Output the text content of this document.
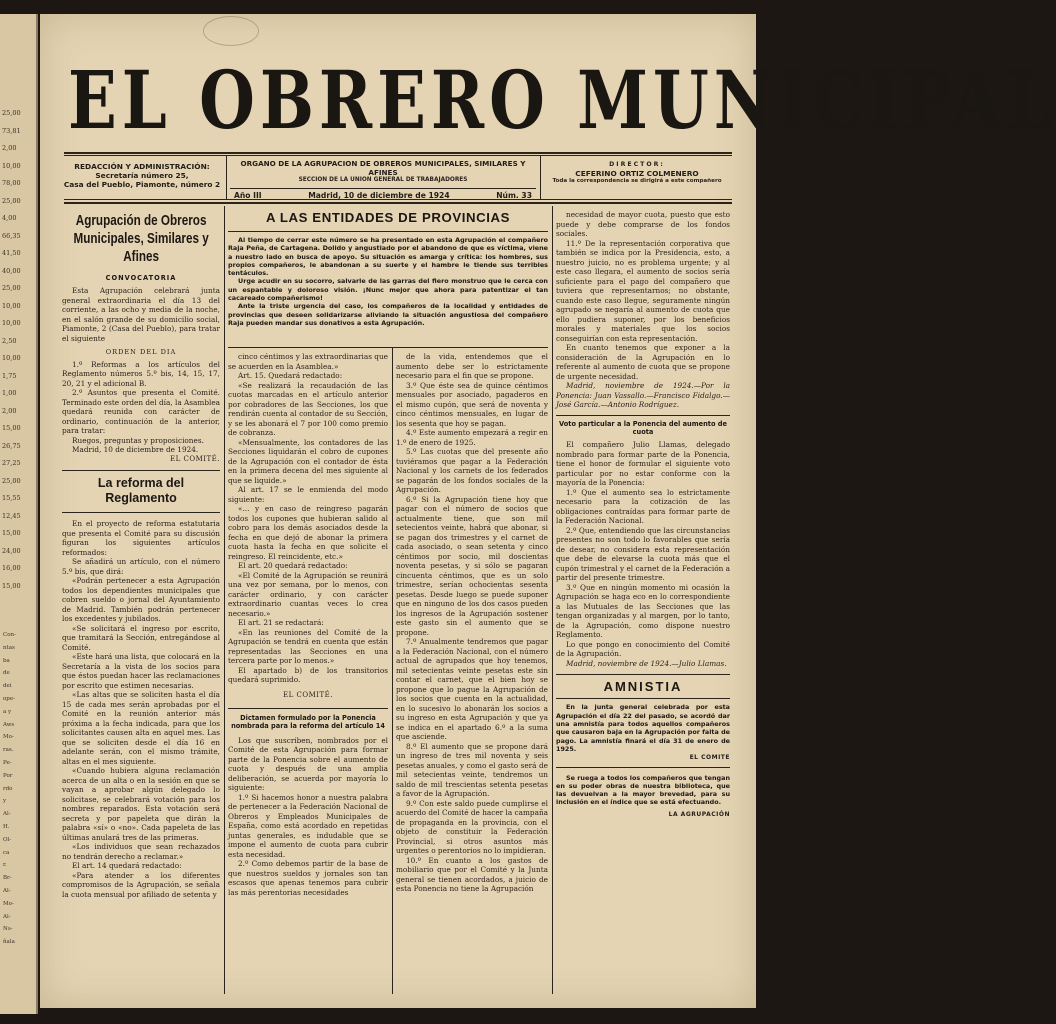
25,00
73,81
2,00
10,00
78,00
25,00
4,00
66,35
41,50
40,00
25,00
10,00
10,00
2,50
10,00
1,75
1,00
2,00
15,00
26,75
27,25
25,00
15,55
12,45
15,00
24,00
16,00
15,00
Con-
ntas
ba
de
dei
ope-
a y
Aws
Mo-
ras.
Pe-
Por
rdo
y
Al-
H.
Ol-
ca
r.
Br-
Al-
Mo-
Al-
Ns-
ñala
EL OBRERO MUNICIPAL
REDACCIÓN Y ADMINISTRACIÓN:
Secretaría número 25,
Casa del Pueblo, Piamonte, número 2
ORGANO DE LA AGRUPACION DE OBREROS MUNICIPALES, SIMILARES Y AFINES
SECCION DE LA UNION GENERAL DE TRABAJADORES
Año III	Madrid, 10 de diciembre de 1924	Núm. 33
DIRECTOR:
CEFERINO ORTIZ COLMENERO
Toda la correspondencia se dirigirá a este compañero
Agrupación de Obreros Municipales, Similares y Afines
CONVOCATORIA

Esta Agrupación celebrará junta general extraordinaria el día 13 del corriente, a las ocho y media de la noche, en el salón grande de su domicilio social, Piamonte, 2 (Casa del Pueblo), para tratar el siguiente

ORDEN DEL DIA

1.º Reformas a los artículos del Reglamento números 5.º bis, 14, 15, 17, 20, 21 y el adicional B.

2.º Asuntos que presenta el Comité. Terminado este orden del día, la Asamblea quedará reunida con carácter de ordinario, continuación de la anterior, para tratar:

Ruegos, preguntas y proposiciones.

Madrid, 10 de diciembre de 1924.

EL COMITÉ.
La reforma del Reglamento

En el proyecto de reforma estatutaria que presenta el Comité para su discusión figuran los siguientes artículos reformados:

Se añadirá un artículo, con el número 5.º bis, que dirá:

«Podrán pertenecer a esta Agrupación todos los dependientes municipales que cobren sueldo o jornal del Ayuntamiento de Madrid. También podrán pertenecer los excedentes y jubilados.

«Se solicitará el ingreso por escrito, que tramitará la Sección, entregándose al Comité.

«Este hará una lista, que colocará en la Secretaría a la vista de los socios para que éstos puedan hacer las reclamaciones por escrito que estimen necesarias.

«Las altas que se soliciten hasta el día 15 de cada mes serán aprobadas por el Comité en la reunión anterior más próxima a la fecha indicada, para que los solicitantes causen alta en aquel mes. Las que se soliciten desde el día 16 en adelante serán, con el mismo trámite, altas en el mes siguiente.

«Cuando hubiera alguna reclamación acerca de un alta o en la sesión en que se vayan a aprobar algún delegado lo solicitase, se celebrará votación para los nombres reparados. Esta votación será secreta y por papeleta que dirán la palabra «sí» o «no». Cada papeleta de las últimas anulará tres de las primeras.

«Los individuos que sean rechazados no tendrán derecho a reclamar.»

El art. 14 quedará redactado:

«Para atender a los diferentes compromisos de la Agrupación, se señala la cuota mensual por afiliado de setenta y

A LAS ENTIDADES DE PROVINCIAS
Al tiempo de cerrar este número se ha presentado en esta Agrupación el compañero Raja Peña, de Cartagena. Dolido y angustiado por el abandono de que es víctima, viene a nuestro lado en busca de apoyo. Su situación es amarga y crítica: los hombres, sus propios compañeros, le abandonan a su suerte y el hambre le tiende sus terribles tentáculos.
Urge acudir en su socorro, salvarle de las garras del fiero monstruo que le cerca con un espantable y doloroso visión. ¡Nunc mejor que ahora para patentizar el tan cacareado compañerismo!
Ante la triste urgencia del caso, los compañeros de la localidad y entidades de provincias que deseen solidarizarse aliviando la situación angustiosa del compañero Raja pueden mandar sus donativos a esta Agrupación.

cinco céntimos y las extraordinarias que se acuerden en la Asamblea.»

Art. 15. Quedará redactado:

«Se realizará la recaudación de las cuotas marcadas en el artículo anterior por cobradores de las Secciones, los que rendirán cuenta al contador de su Sección, y se les abonará el 7 por 100 como premio de cobranza.

«Mensualmente, los contadores de las Secciones liquidarán el cobro de cupones de la Agrupación con el contador de ésta en la primera decena del mes siguiente al que se liquide.»

Al art. 17 se le enmienda del modo siguiente:

«... y en caso de reingreso pagarán todos los cupones que hubieran salido al cobro para los demás asociados desde la fecha en que dejó de abonar la primera cuota hasta la fecha en que solicite el reingreso. El reincidente, etc.»

El art. 20 quedará redactado:

«El Comité de la Agrupación se reunirá una vez por semana, por lo menos, con carácter ordinario, y con carácter extraordinario cuantas veces lo crea necesario.»

El art. 21 se redactará:

«En las reuniones del Comité de la Agrupación se tendrá en cuenta que están representadas las Secciones en una tercera parte por lo menos.»

El apartado b) de los transitorios quedará suprimido.

EL COMITÉ.
Dictamen formulado por la Ponencia nombrada para la reforma del artículo 14

Los que suscriben, nombrados por el Comité de esta Agrupación para formar parte de la Ponencia sobre el aumento de cuota y después de una amplia deliberación, se acuerda por mayoría lo siguiente:

1.º Si hacemos honor a nuestra palabra de pertenecer a la Federación Nacional de Obreros y Empleados Municipales de España, como está acordado en repetidas juntas generales, es indudable que se impone el aumento de cuota para cubrir esta necesidad.

2.º Como debemos partir de la base de que nuestros sueldos y jornales son tan escasos que apenas tenemos para cubrir las más perentorias necesidades

de la vida, entendemos que el aumento debe ser lo estrictamente necesario para el fin que se propone.

3.º Que éste sea de quince céntimos mensuales por asociado, pagaderos en el mismo cupón, que será de noventa y cinco céntimos mensuales, en lugar de los sesenta que hoy se pagan.

4.º Este aumento empezará a regir en 1.º de enero de 1925.

5.º Las cuotas que del presente año tuviéramos que pagar a la Federación Nacional y los carnets de los federados se pagarán de los fondos sociales de la Agrupación.

6.º Si la Agrupación tiene hoy que pagar con el número de socios que actualmente tiene, que son mil setecientos veinte, habrá que abonar, si se pagan dos trimestres y el carnet de cada asociado, o sean setenta y cinco céntimos por socio, mil doscientas noventa pesetas, y si sólo se pagaran cincuenta céntimos, que es un solo trimestre, serían ochocientas sesenta pesetas. Desde luego se puede suponer que en ninguno de los dos casos pueden los ingresos de la Agrupación sostener este gasto sin el aumento que se propone.

7.º Anualmente tendremos que pagar a la Federación Nacional, con el número actual de agrupados que hoy tenemos, mil setecientas veinte pesetas este sin contar el carnet, que el bien hoy se propone que lo pague la Agrupación de los socios que cuenta en la actualidad, en lo sucesivo lo abonarán los socios a su ingreso en esta Agrupación y que ya se indica en el apartado 6.º a la suma que asciende.

8.º El aumento que se propone dará un ingreso de tres mil noventa y seis pesetas anuales, y como el gasto será de mil setecientas veinte, tendremos un saldo de mil trescientas setenta pesetas a favor de la Agrupación.

9.º Con este saldo puede cumplirse el acuerdo del Comité de hacer la campaña de propaganda en la provincia, con el objeto de constituir la Federación Provincial, si otros asuntos más urgentes o perentorios no lo impidieran.

10.º En cuanto a los gastos de mobiliario que por el Comité y la Junta general se tienen acordados, a juicio de esta Ponencia no tiene la Agrupación

necesidad de mayor cuota, puesto que esto puede y debe comprarse de los fondos sociales.

11.º De la representación corporativa que también se indica por la Presidencia, esto, a nuestro juicio, no es problema urgente; y al este caso llegara, el aumento de socios sería suficiente para el pago del compañero que tuviera que representarnos; no obstante, cuando este caso llegue, seguramente ningún agrupado se negaría al aumento de cuota que ello pudiera suponer, por los beneficios morales y materiales que los socios conseguirían con esta representación.

En cuanto tenemos que exponer a la consideración de la Agrupación en lo referente al aumento de cuota que se propone de urgente necesidad.

Madrid, noviembre de 1924.—Por la Ponencia: Juan Vassallo.—Francisco Fidalgo.—José García.—Antonio Rodríguez.

Voto particular a la Ponencia del aumento de cuota

El compañero Julio Llamas, delegado nombrado para formar parte de la Ponencia, tiene el honor de formular el siguiente voto particular por no estar conforme con la mayoría de la Ponencia:

1.º Que el aumento sea lo estrictamente necesario para la cotización de las obligaciones contraídas para formar parte de la Federación Nacional.

2.º Que, entendiendo que las circunstancias presentes no son todo lo favorables que sería de desear, no considera esta representación que debe de elevarse la cuota más que el cupón trimestral y el carnet de la Federación a partir del presente trimestre.

3.º Que en ningún momento mi ocasión la Agrupación se haga eco en lo correspondiente a las Mutuales de las Secciones que las tengan organizadas y al margen, por lo tanto, de la Agrupación, como dispone nuestro Reglamento.

Lo que pongo en conocimiento del Comité de la Agrupación.

Madrid, noviembre de 1924.—Julio Llamas.

AMNISTIA
En la junta general celebrada por esta Agrupación el día 22 del pasado, se acordó dar una amnistía para todos aquellos compañeros que causaron baja en la Agrupación por falta de pago. La amnistía finará el día 31 de enero de 1925.
EL COMITE
Se ruega a todos los compañeros que tengan en su poder obras de nuestra biblioteca, que las devuelvan a la mayor brevedad, para su inclusión en el índice que se está efectuando.
LA AGRUPACIÓN
